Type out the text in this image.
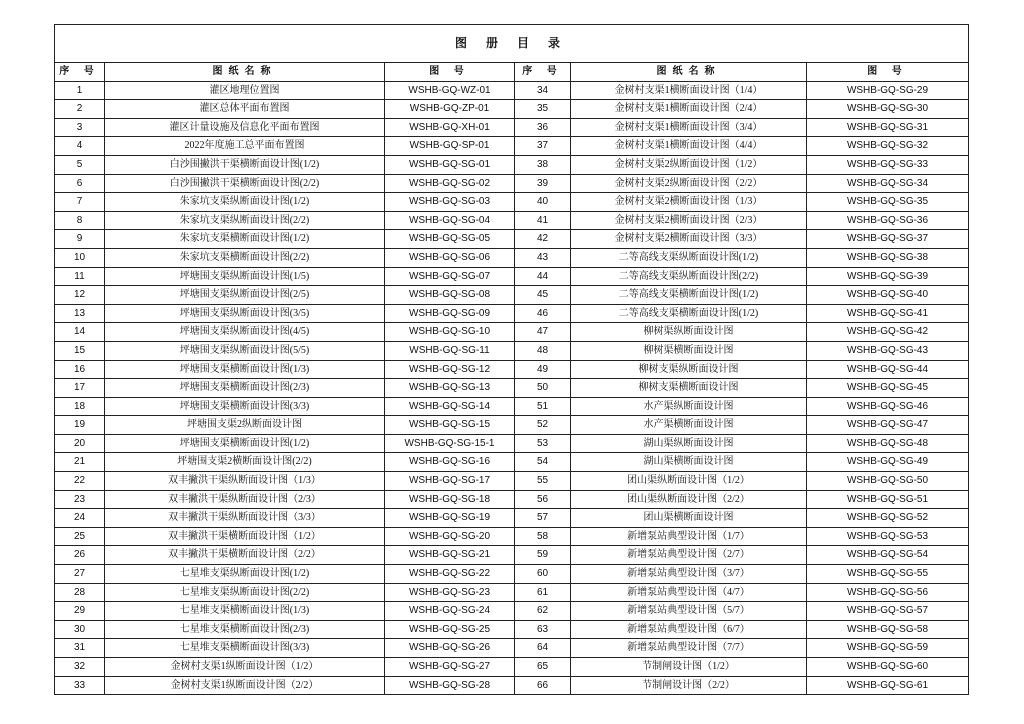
图 册 目 录					
序 号	图纸名称	图 号	序 号	图纸名称	图 号
1	灌区地理位置图	WSHB-GQ-WZ-01	34	金树村支渠1横断面设计图（1/4）	WSHB-GQ-SG-29
2	灌区总体平面布置图	WSHB-GQ-ZP-01	35	金树村支渠1横断面设计图（2/4）	WSHB-GQ-SG-30
3	灌区计量设施及信息化平面布置图	WSHB-GQ-XH-01	36	金树村支渠1横断面设计图（3/4）	WSHB-GQ-SG-31
4	2022年度施工总平面布置图	WSHB-GQ-SP-01	37	金树村支渠1横断面设计图（4/4）	WSHB-GQ-SG-32
5	白沙围撇洪干渠横断面设计图(1/2)	WSHB-GQ-SG-01	38	金树村支渠2纵断面设计图（1/2）	WSHB-GQ-SG-33
6	白沙围撇洪干渠横断面设计图(2/2)	WSHB-GQ-SG-02	39	金树村支渠2纵断面设计图（2/2）	WSHB-GQ-SG-34
7	朱家坑支渠纵断面设计图(1/2)	WSHB-GQ-SG-03	40	金树村支渠2横断面设计图（1/3）	WSHB-GQ-SG-35
8	朱家坑支渠纵断面设计图(2/2)	WSHB-GQ-SG-04	41	金树村支渠2横断面设计图（2/3）	WSHB-GQ-SG-36
9	朱家坑支渠横断面设计图(1/2)	WSHB-GQ-SG-05	42	金树村支渠2横断面设计图（3/3）	WSHB-GQ-SG-37
10	朱家坑支渠横断面设计图(2/2)	WSHB-GQ-SG-06	43	二等高线支渠纵断面设计图(1/2)	WSHB-GQ-SG-38
11	坪塘围支渠纵断面设计图(1/5)	WSHB-GQ-SG-07	44	二等高线支渠纵断面设计图(2/2)	WSHB-GQ-SG-39
12	坪塘围支渠纵断面设计图(2/5)	WSHB-GQ-SG-08	45	二等高线支渠横断面设计图(1/2)	WSHB-GQ-SG-40
13	坪塘围支渠纵断面设计图(3/5)	WSHB-GQ-SG-09	46	二等高线支渠横断面设计图(1/2)	WSHB-GQ-SG-41
14	坪塘围支渠纵断面设计图(4/5)	WSHB-GQ-SG-10	47	柳树渠纵断面设计图	WSHB-GQ-SG-42
15	坪塘围支渠纵断面设计图(5/5)	WSHB-GQ-SG-11	48	柳树渠横断面设计图	WSHB-GQ-SG-43
16	坪塘围支渠横断面设计图(1/3)	WSHB-GQ-SG-12	49	柳树支渠纵断面设计图	WSHB-GQ-SG-44
17	坪塘围支渠横断面设计图(2/3)	WSHB-GQ-SG-13	50	柳树支渠横断面设计图	WSHB-GQ-SG-45
18	坪塘围支渠横断面设计图(3/3)	WSHB-GQ-SG-14	51	水产渠纵断面设计图	WSHB-GQ-SG-46
19	坪塘围支渠2纵断面设计图	WSHB-GQ-SG-15	52	水产渠横断面设计图	WSHB-GQ-SG-47
20	坪塘围支渠横断面设计图(1/2)	WSHB-GQ-SG-15-1	53	湖山渠纵断面设计图	WSHB-GQ-SG-48
21	坪塘围支渠2横断面设计图(2/2)	WSHB-GQ-SG-16	54	湖山渠横断面设计图	WSHB-GQ-SG-49
22	双丰撇洪干渠纵断面设计图（1/3）	WSHB-GQ-SG-17	55	团山渠纵断面设计图（1/2）	WSHB-GQ-SG-50
23	双丰撇洪干渠纵断面设计图（2/3）	WSHB-GQ-SG-18	56	团山渠纵断面设计图（2/2）	WSHB-GQ-SG-51
24	双丰撇洪干渠纵断面设计图（3/3）	WSHB-GQ-SG-19	57	团山渠横断面设计图	WSHB-GQ-SG-52
25	双丰撇洪干渠横断面设计图（1/2）	WSHB-GQ-SG-20	58	新增泵站典型设计图（1/7）	WSHB-GQ-SG-53
26	双丰撇洪干渠横断面设计图（2/2）	WSHB-GQ-SG-21	59	新增泵站典型设计图（2/7）	WSHB-GQ-SG-54
27	七星堆支渠纵断面设计图(1/2)	WSHB-GQ-SG-22	60	新增泵站典型设计图（3/7）	WSHB-GQ-SG-55
28	七星堆支渠纵断面设计图(2/2)	WSHB-GQ-SG-23	61	新增泵站典型设计图（4/7）	WSHB-GQ-SG-56
29	七星堆支渠横断面设计图(1/3)	WSHB-GQ-SG-24	62	新增泵站典型设计图（5/7）	WSHB-GQ-SG-57
30	七星堆支渠横断面设计图(2/3)	WSHB-GQ-SG-25	63	新增泵站典型设计图（6/7）	WSHB-GQ-SG-58
31	七星堆支渠横断面设计图(3/3)	WSHB-GQ-SG-26	64	新增泵站典型设计图（7/7）	WSHB-GQ-SG-59
32	金树村支渠1纵断面设计图（1/2）	WSHB-GQ-SG-27	65	节制闸设计图（1/2）	WSHB-GQ-SG-60
33	金树村支渠1纵断面设计图（2/2）	WSHB-GQ-SG-28	66	节制闸设计图（2/2）	WSHB-GQ-SG-61
